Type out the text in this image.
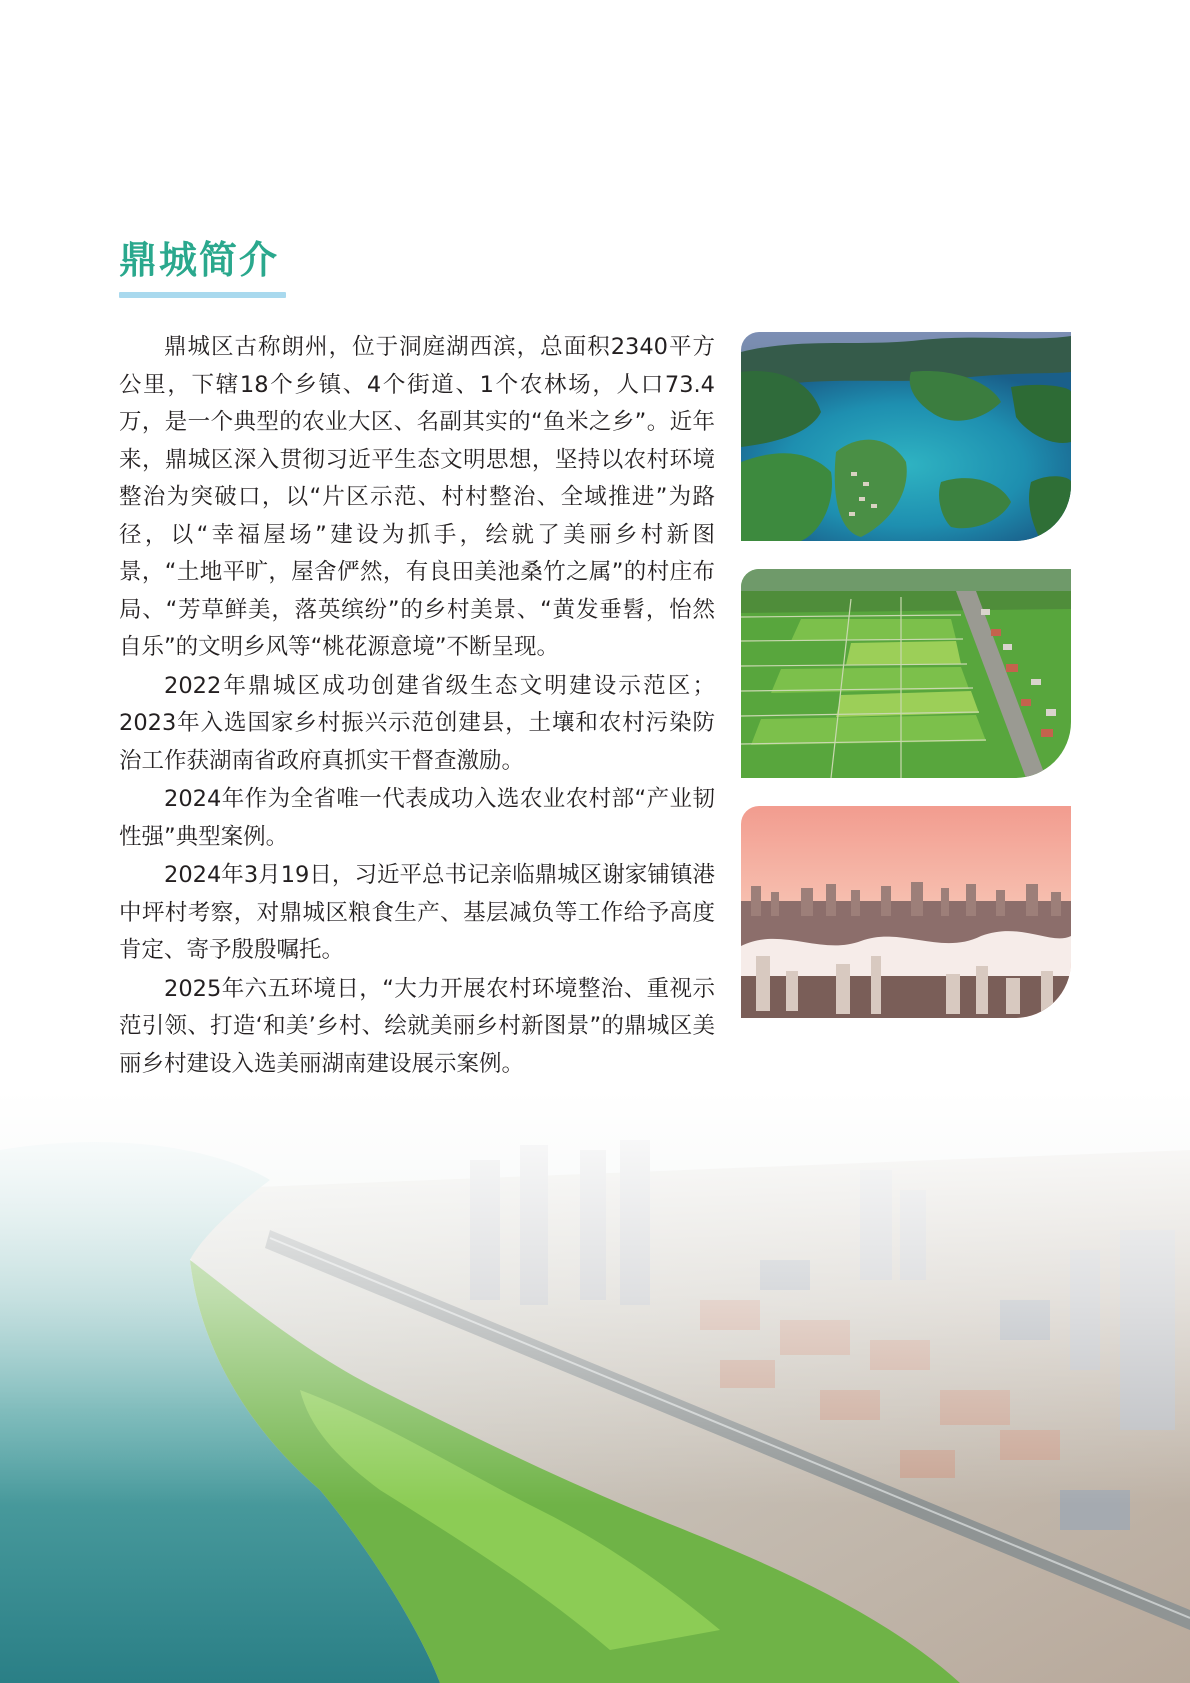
鼎城简介

鼎城区古称朗州，位于洞庭湖西滨，总面积2340平方公里，下辖18个乡镇、4个街道、1个农林场，人口73.4万，是一个典型的农业大区、名副其实的“鱼米之乡”。近年来，鼎城区深入贯彻习近平生态文明思想，坚持以农村环境整治为突破口，以“片区示范、村村整治、全域推进”为路径，以“幸福屋场”建设为抓手，绘就了美丽乡村新图景，“土地平旷，屋舍俨然，有良田美池桑竹之属”的村庄布局、“芳草鲜美，落英缤纷”的乡村美景、“黄发垂髫，怡然自乐”的文明乡风等“桃花源意境”不断呈现。

2022年鼎城区成功创建省级生态文明建设示范区；2023年入选国家乡村振兴示范创建县，土壤和农村污染防治工作获湖南省政府真抓实干督查激励。

2024年作为全省唯一代表成功入选农业农村部“产业韧性强”典型案例。

2024年3月19日，习近平总书记亲临鼎城区谢家铺镇港中坪村考察，对鼎城区粮食生产、基层减负等工作给予高度肯定、寄予殷殷嘱托。

2025年六五环境日，“大力开展农村环境整治、重视示范引领、打造‘和美’乡村、绘就美丽乡村新图景”的鼎城区美丽乡村建设入选美丽湖南建设展示案例。
